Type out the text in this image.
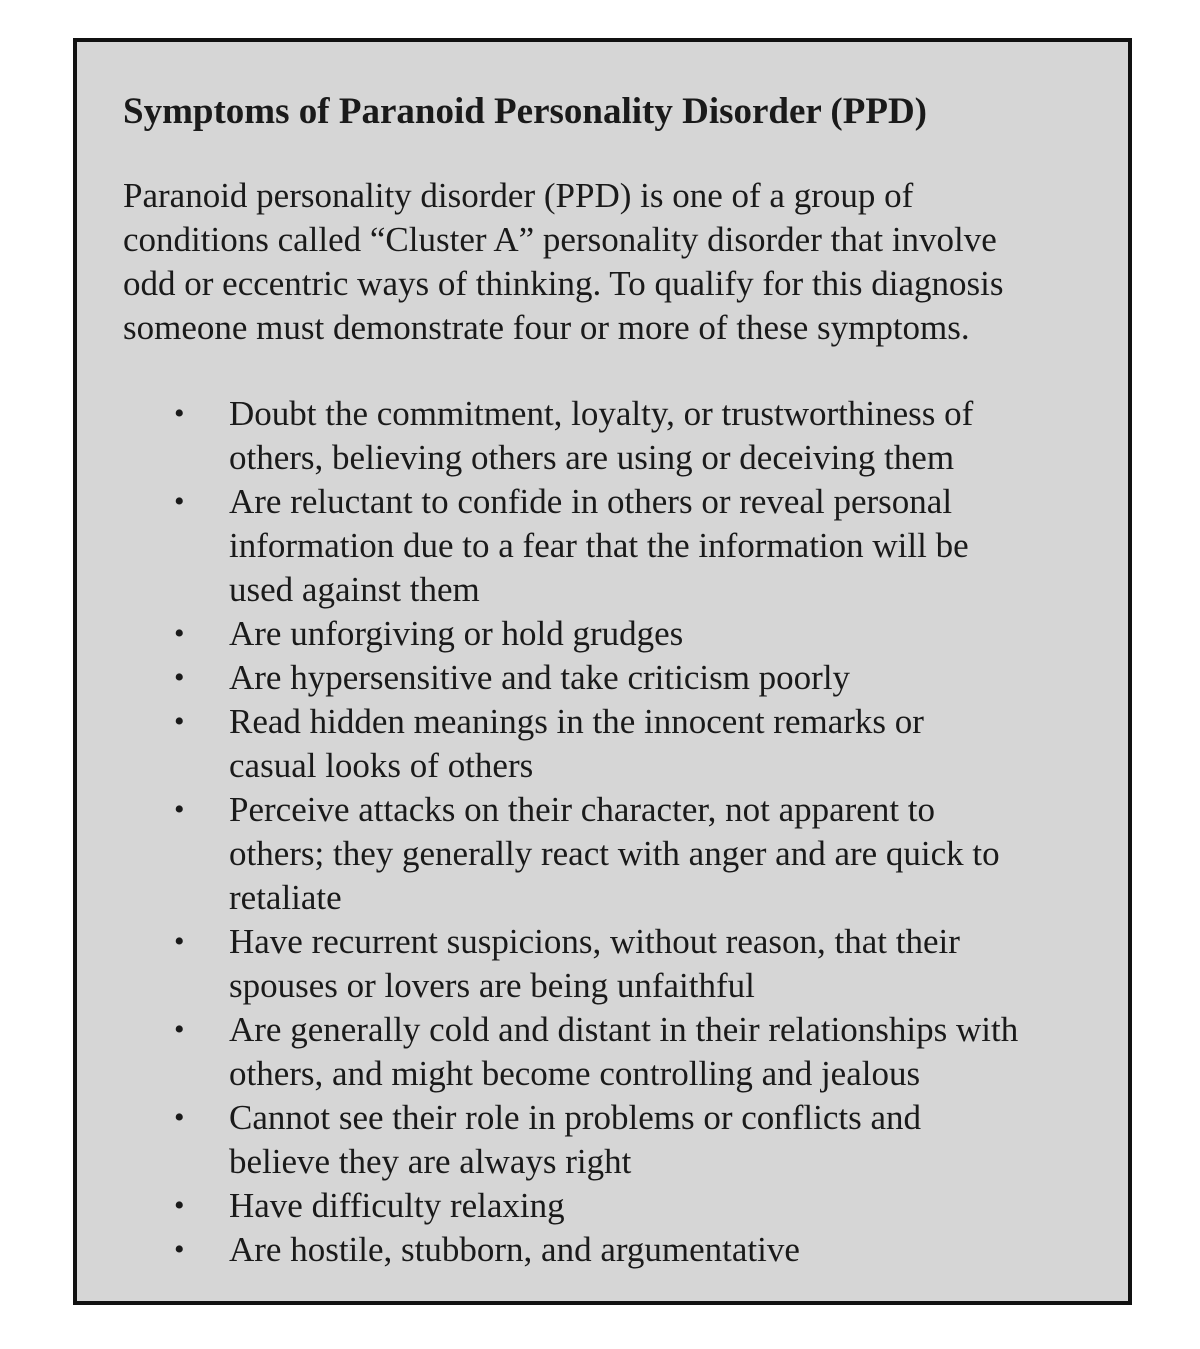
Symptoms of Paranoid Personality Disorder (PPD)

Paranoid personality disorder (PPD) is one of a group of
conditions called “Cluster A” personality disorder that involve
odd or eccentric ways of thinking. To qualify for this diagnosis
someone must demonstrate four or more of these symptoms.

• Doubt the commitment, loyalty, or trustworthiness of
others, believing others are using or deceiving them
• Are reluctant to confide in others or reveal personal
information due to a fear that the information will be
used against them
• Are unforgiving or hold grudges
• Are hypersensitive and take criticism poorly
• Read hidden meanings in the innocent remarks or
casual looks of others
• Perceive attacks on their character, not apparent to
others; they generally react with anger and are quick to
retaliate
• Have recurrent suspicions, without reason, that their
spouses or lovers are being unfaithful
• Are generally cold and distant in their relationships with
others, and might become controlling and jealous
• Cannot see their role in problems or conflicts and
believe they are always right
• Have difficulty relaxing
• Are hostile, stubborn, and argumentative
